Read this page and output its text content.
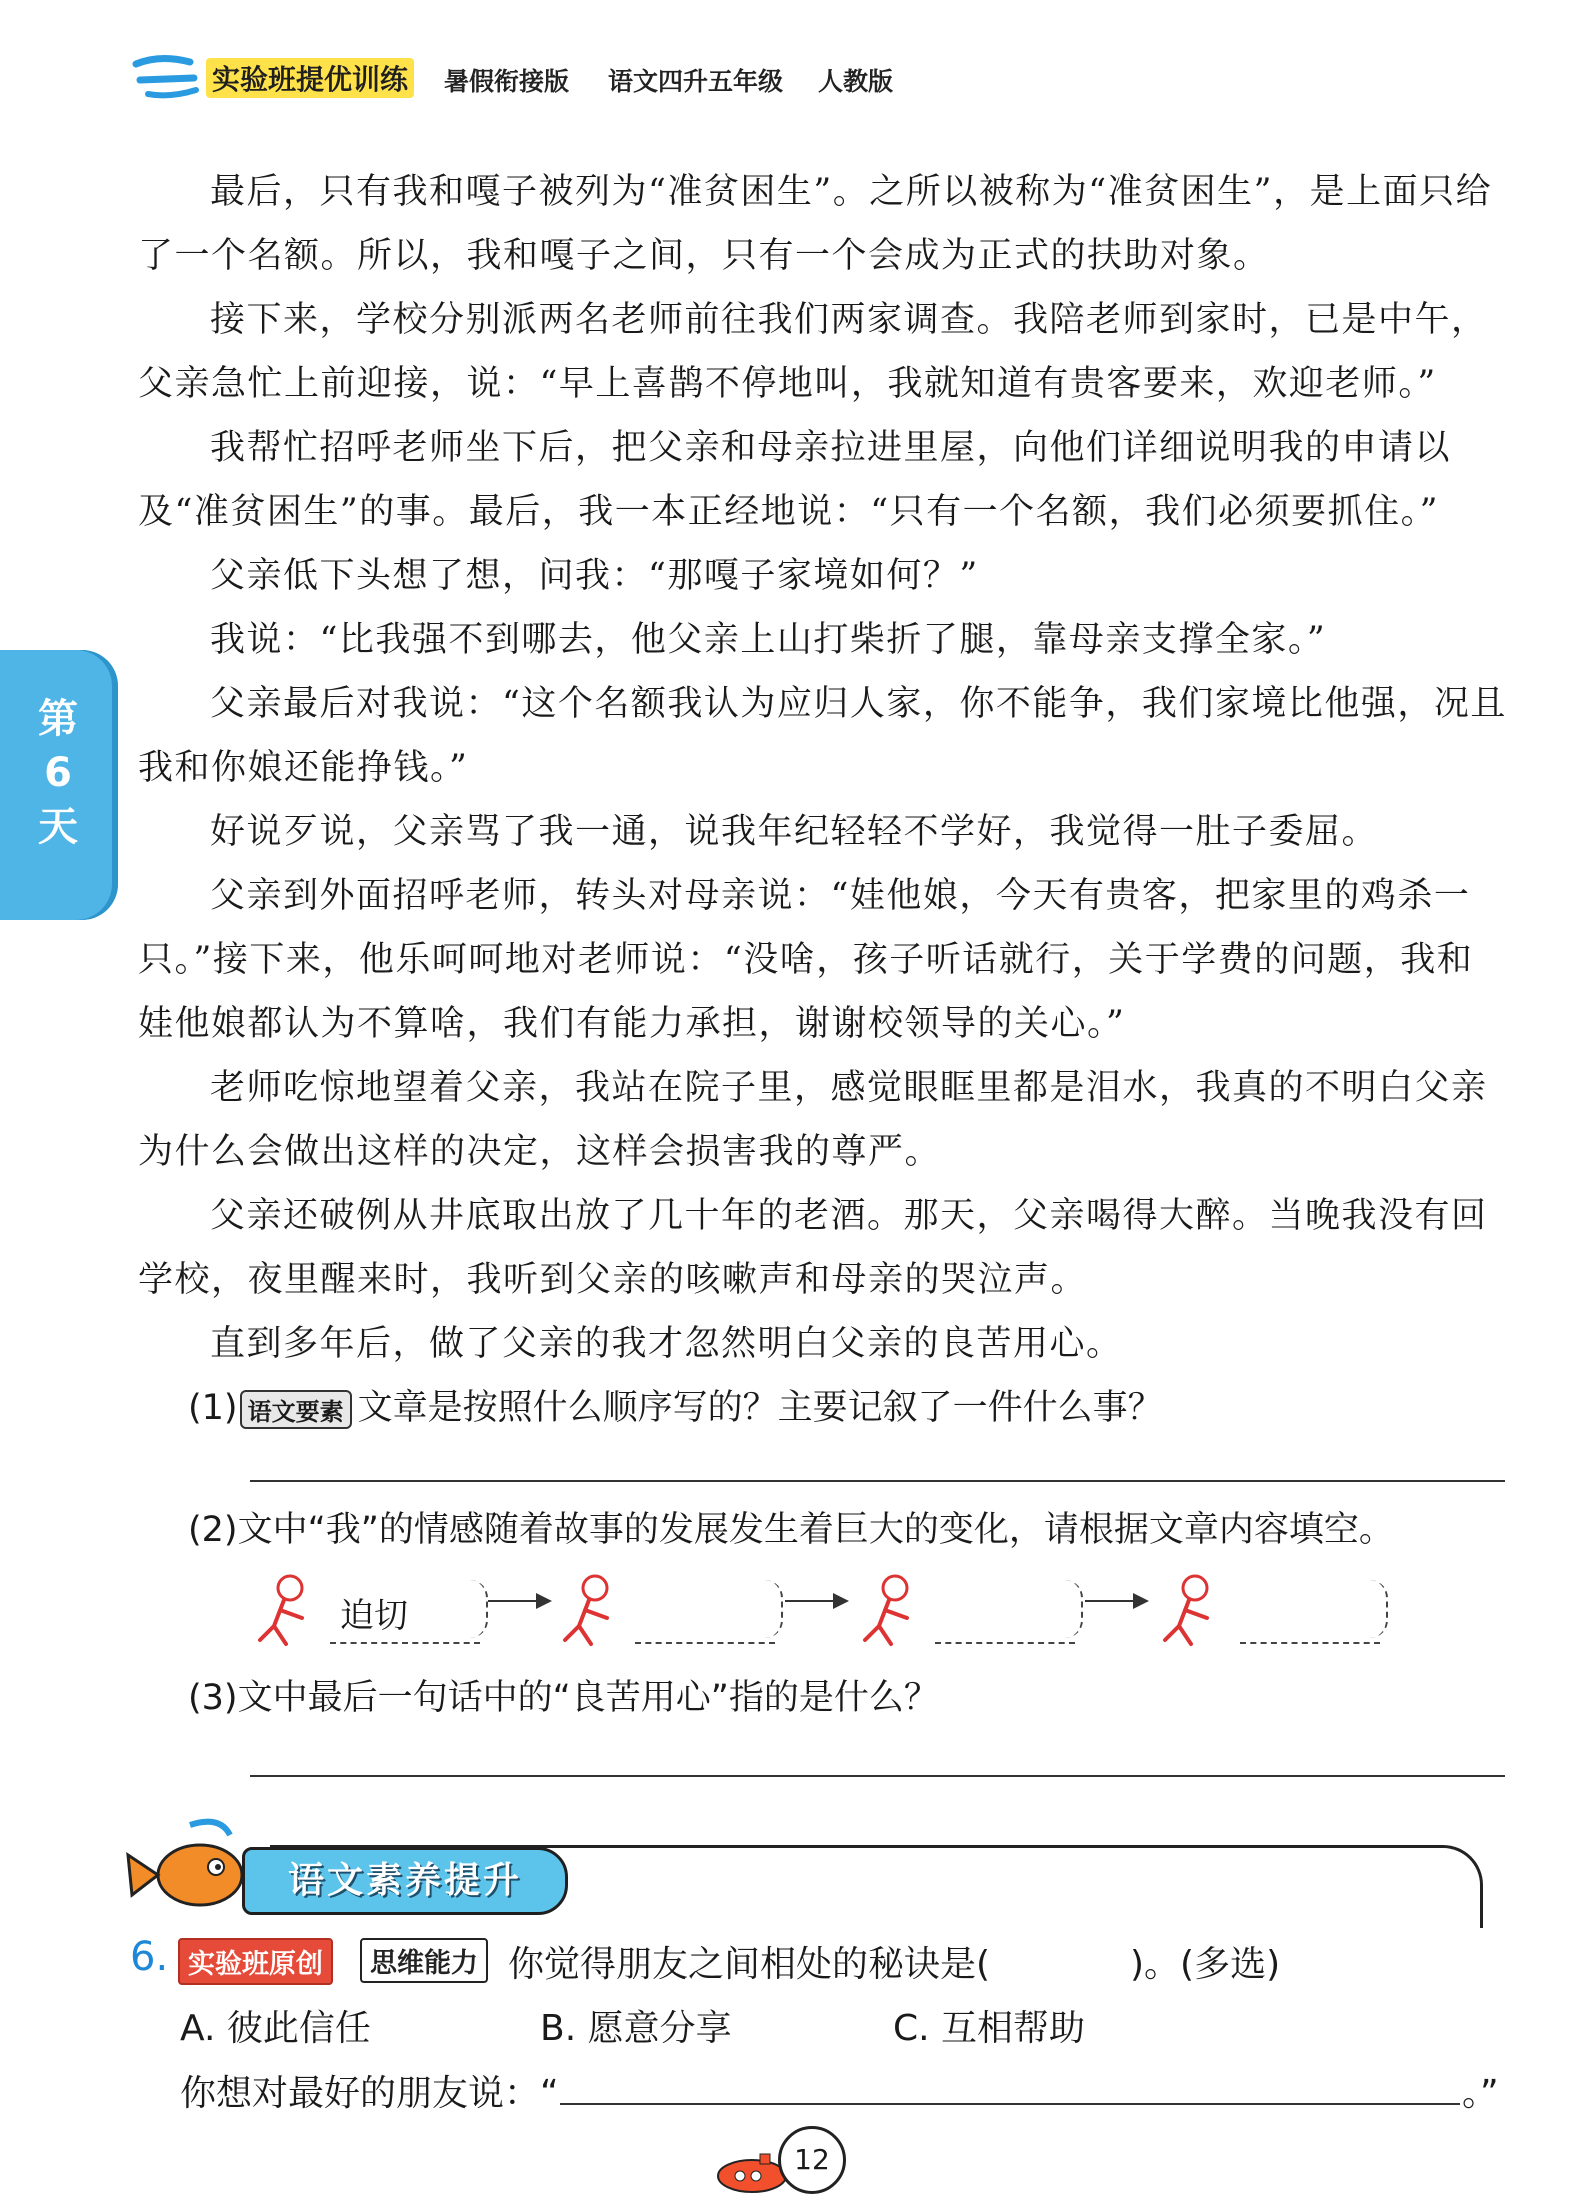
实验班提优训练 暑假衔接版 语文四升五年级 人教版
第
6
天

最后，只有我和嘎子被列为“准贫困生”。之所以被称为“准贫困生”，是上面只给了一个名额。所以，我和嘎子之间，只有一个会成为正式的扶助对象。

接下来，学校分别派两名老师前往我们两家调查。我陪老师到家时，已是中午，父亲急忙上前迎接，说：“早上喜鹊不停地叫，我就知道有贵客要来，欢迎老师。”

我帮忙招呼老师坐下后，把父亲和母亲拉进里屋，向他们详细说明我的申请以及“准贫困生”的事。最后，我一本正经地说：“只有一个名额，我们必须要抓住。”

父亲低下头想了想，问我：“那嘎子家境如何？”

我说：“比我强不到哪去，他父亲上山打柴折了腿，靠母亲支撑全家。”

父亲最后对我说：“这个名额我认为应归人家，你不能争，我们家境比他强，况且我和你娘还能挣钱。”

好说歹说，父亲骂了我一通，说我年纪轻轻不学好，我觉得一肚子委屈。

父亲到外面招呼老师，转头对母亲说：“娃他娘，今天有贵客，把家里的鸡杀一只。”接下来，他乐呵呵地对老师说：“没啥，孩子听话就行，关于学费的问题，我和娃他娘都认为不算啥，我们有能力承担，谢谢校领导的关心。”

老师吃惊地望着父亲，我站在院子里，感觉眼眶里都是泪水，我真的不明白父亲为什么会做出这样的决定，这样会损害我的尊严。

父亲还破例从井底取出放了几十年的老酒。那天，父亲喝得大醉。当晚我没有回学校，夜里醒来时，我听到父亲的咳嗽声和母亲的哭泣声。

直到多年后，做了父亲的我才忽然明白父亲的良苦用心。

(1) 语文要素 文章是按照什么顺序写的？主要记叙了一件什么事？
(2)文中“我”的情感随着故事的发展发生着巨大的变化，请根据文章内容填空。
迫切
(3)文中最后一句话中的“良苦用心”指的是什么？
语文素养提升
6. 实验班原创	思维能力 你觉得朋友之间相处的秘诀是(
	)。(多选)
A. 彼此信任	B. 愿意分享	C. 互相帮助
你想对最好的朋友说：“	。”
12
